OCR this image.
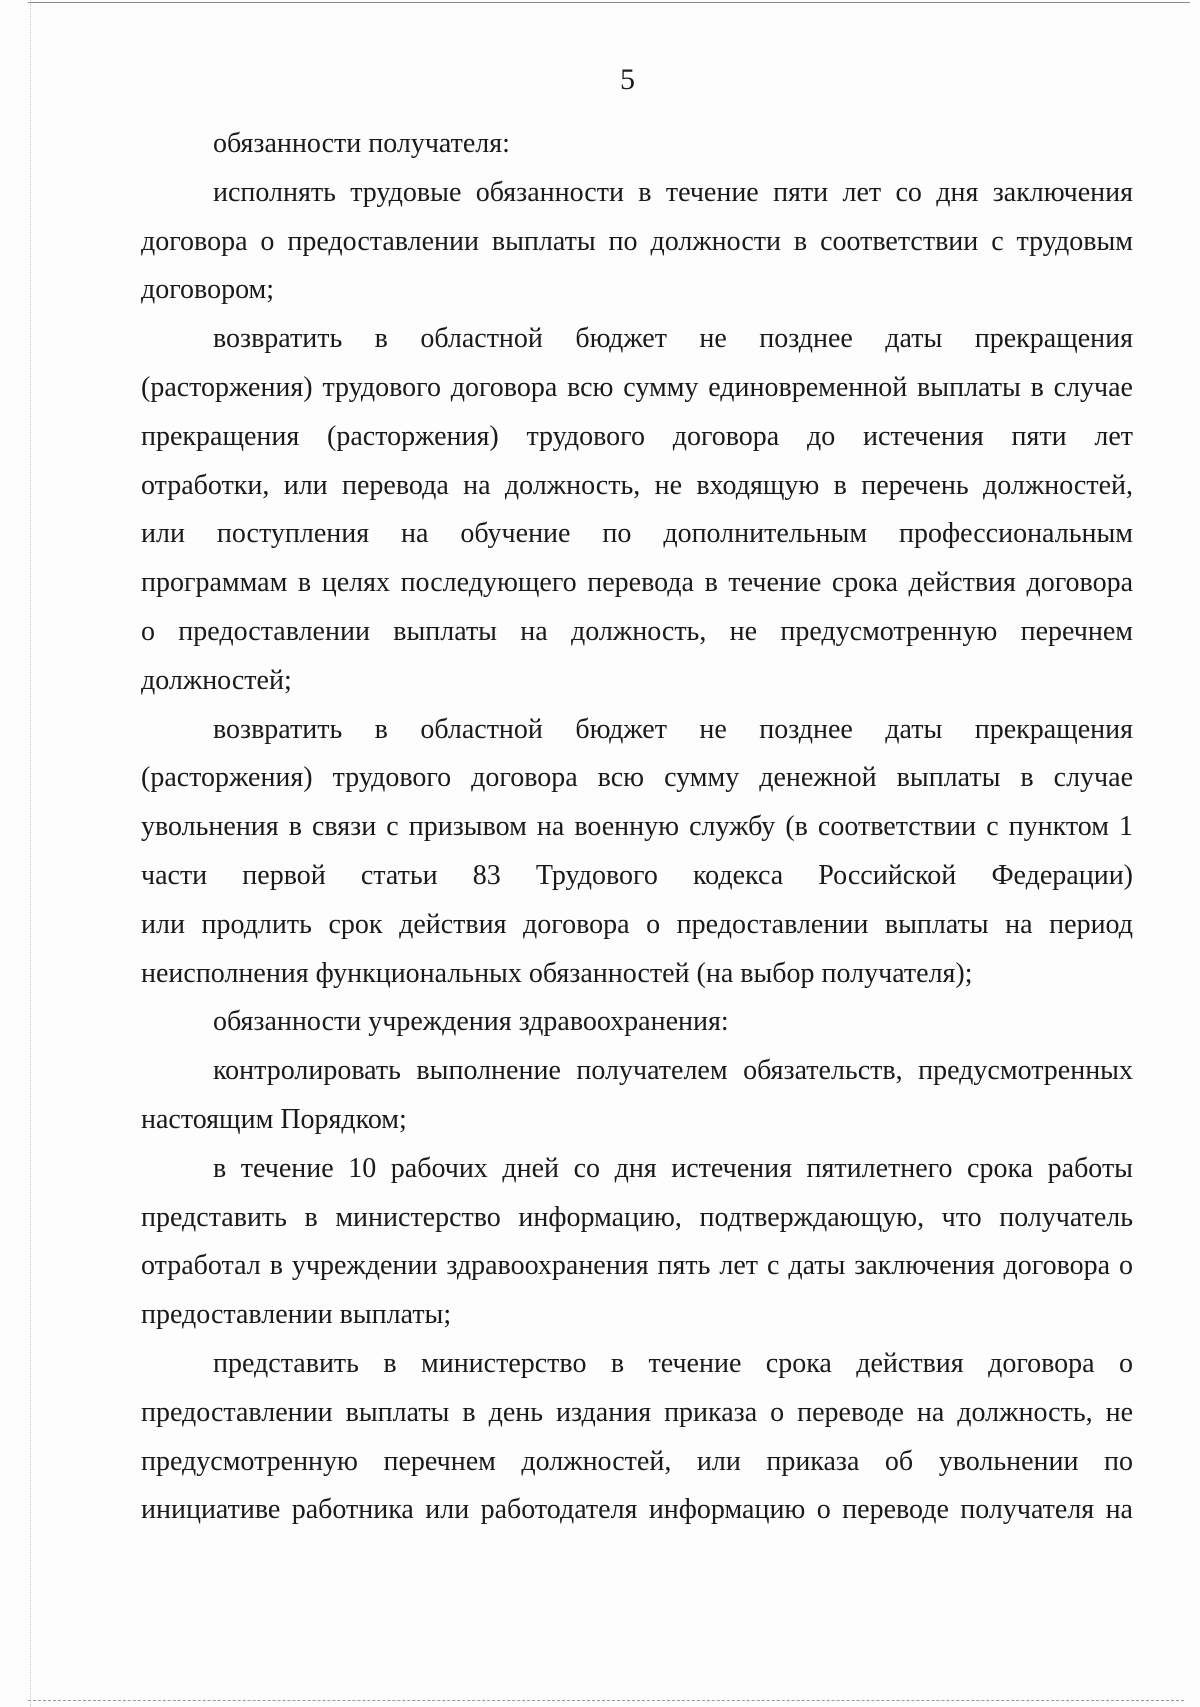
5
обязанности получателя:
исполнять трудовые обязанности в течение пяти лет со дня заключения
договора о предоставлении выплаты по должности в соответствии с трудовым
договором;
возвратить в областной бюджет не позднее даты прекращения
(расторжения) трудового договора всю сумму единовременной выплаты в случае
прекращения (расторжения) трудового договора до истечения пяти лет
отработки, или перевода на должность, не входящую в перечень должностей,
или поступления на обучение по дополнительным профессиональным
программам в целях последующего перевода в течение срока действия договора
о предоставлении выплаты на должность, не предусмотренную перечнем
должностей;
возвратить в областной бюджет не позднее даты прекращения
(расторжения) трудового договора всю сумму денежной выплаты в случае
увольнения в связи с призывом на военную службу (в соответствии с пунктом 1
части первой статьи 83 Трудового кодекса Российской Федерации)
или продлить срок действия договора о предоставлении выплаты на период
неисполнения функциональных обязанностей (на выбор получателя);
обязанности учреждения здравоохранения:
контролировать выполнение получателем обязательств, предусмотренных
настоящим Порядком;
в течение 10 рабочих дней со дня истечения пятилетнего срока работы
представить в министерство информацию, подтверждающую, что получатель
отработал в учреждении здравоохранения пять лет с даты заключения договора о
предоставлении выплаты;
представить в министерство в течение срока действия договора о
предоставлении выплаты в день издания приказа о переводе на должность, не
предусмотренную перечнем должностей, или приказа об увольнении по
инициативе работника или работодателя информацию о переводе получателя на
